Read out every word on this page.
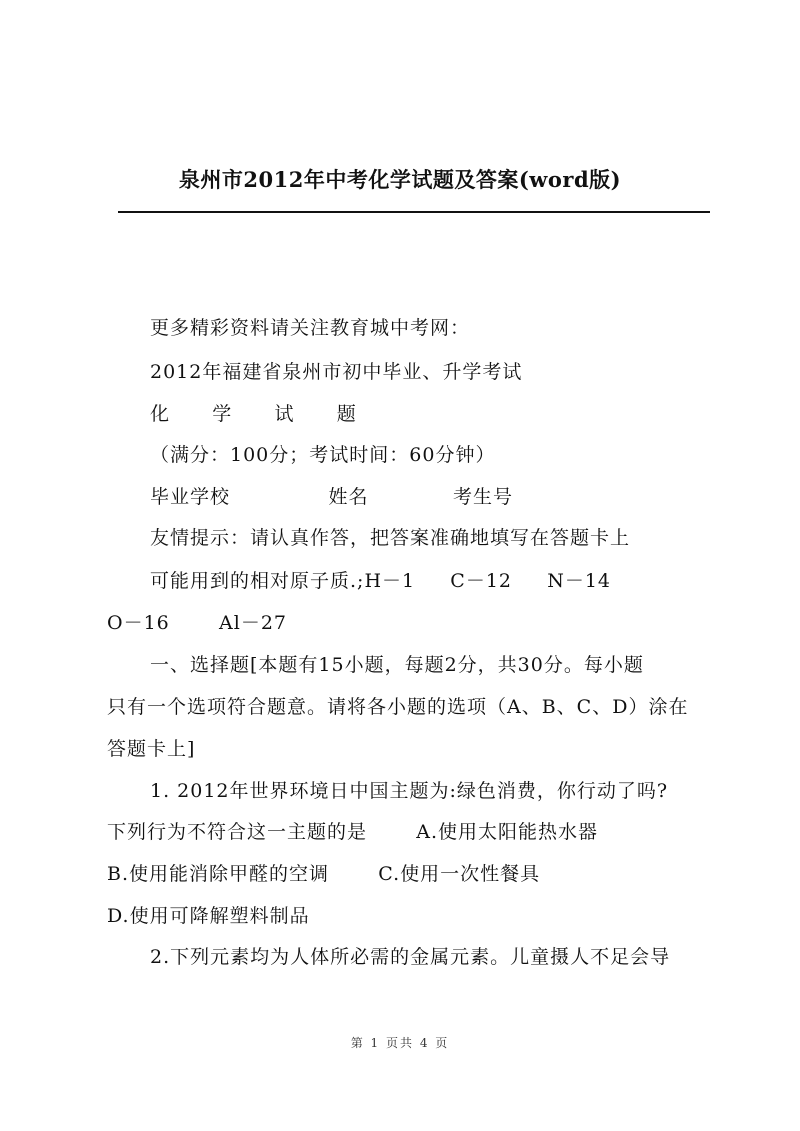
泉州市2012年中考化学试题及答案(word版)
更多精彩资料请关注教育城中考网：
2012年福建省泉州市初中毕业、升学考试
化      学      试      题
（满分：100分；考试时间：60分钟）
毕业学校              姓名            考生号
友情提示：请认真作答，把答案准确地填写在答题卡上
可能用到的相对原子质.;H－1     C－12     N－14
O－16       Al－27
一、选择题[本题有15小题，每题2分，共30分。每小题
只有一个选项符合题意。请将各小题的选项（A、B、C、D）涂在
答题卡上]
1. 2012年世界环境日中国主题为:绿色消费，你行动了吗?
下列行为不符合这一主题的是       A.使用太阳能热水器
B.使用能消除甲醛的空调       C.使用一次性餐具
D.使用可降解塑料制品
2.下列元素均为人体所必需的金属元素。儿童摄人不足会导
第 1 页共 4 页
